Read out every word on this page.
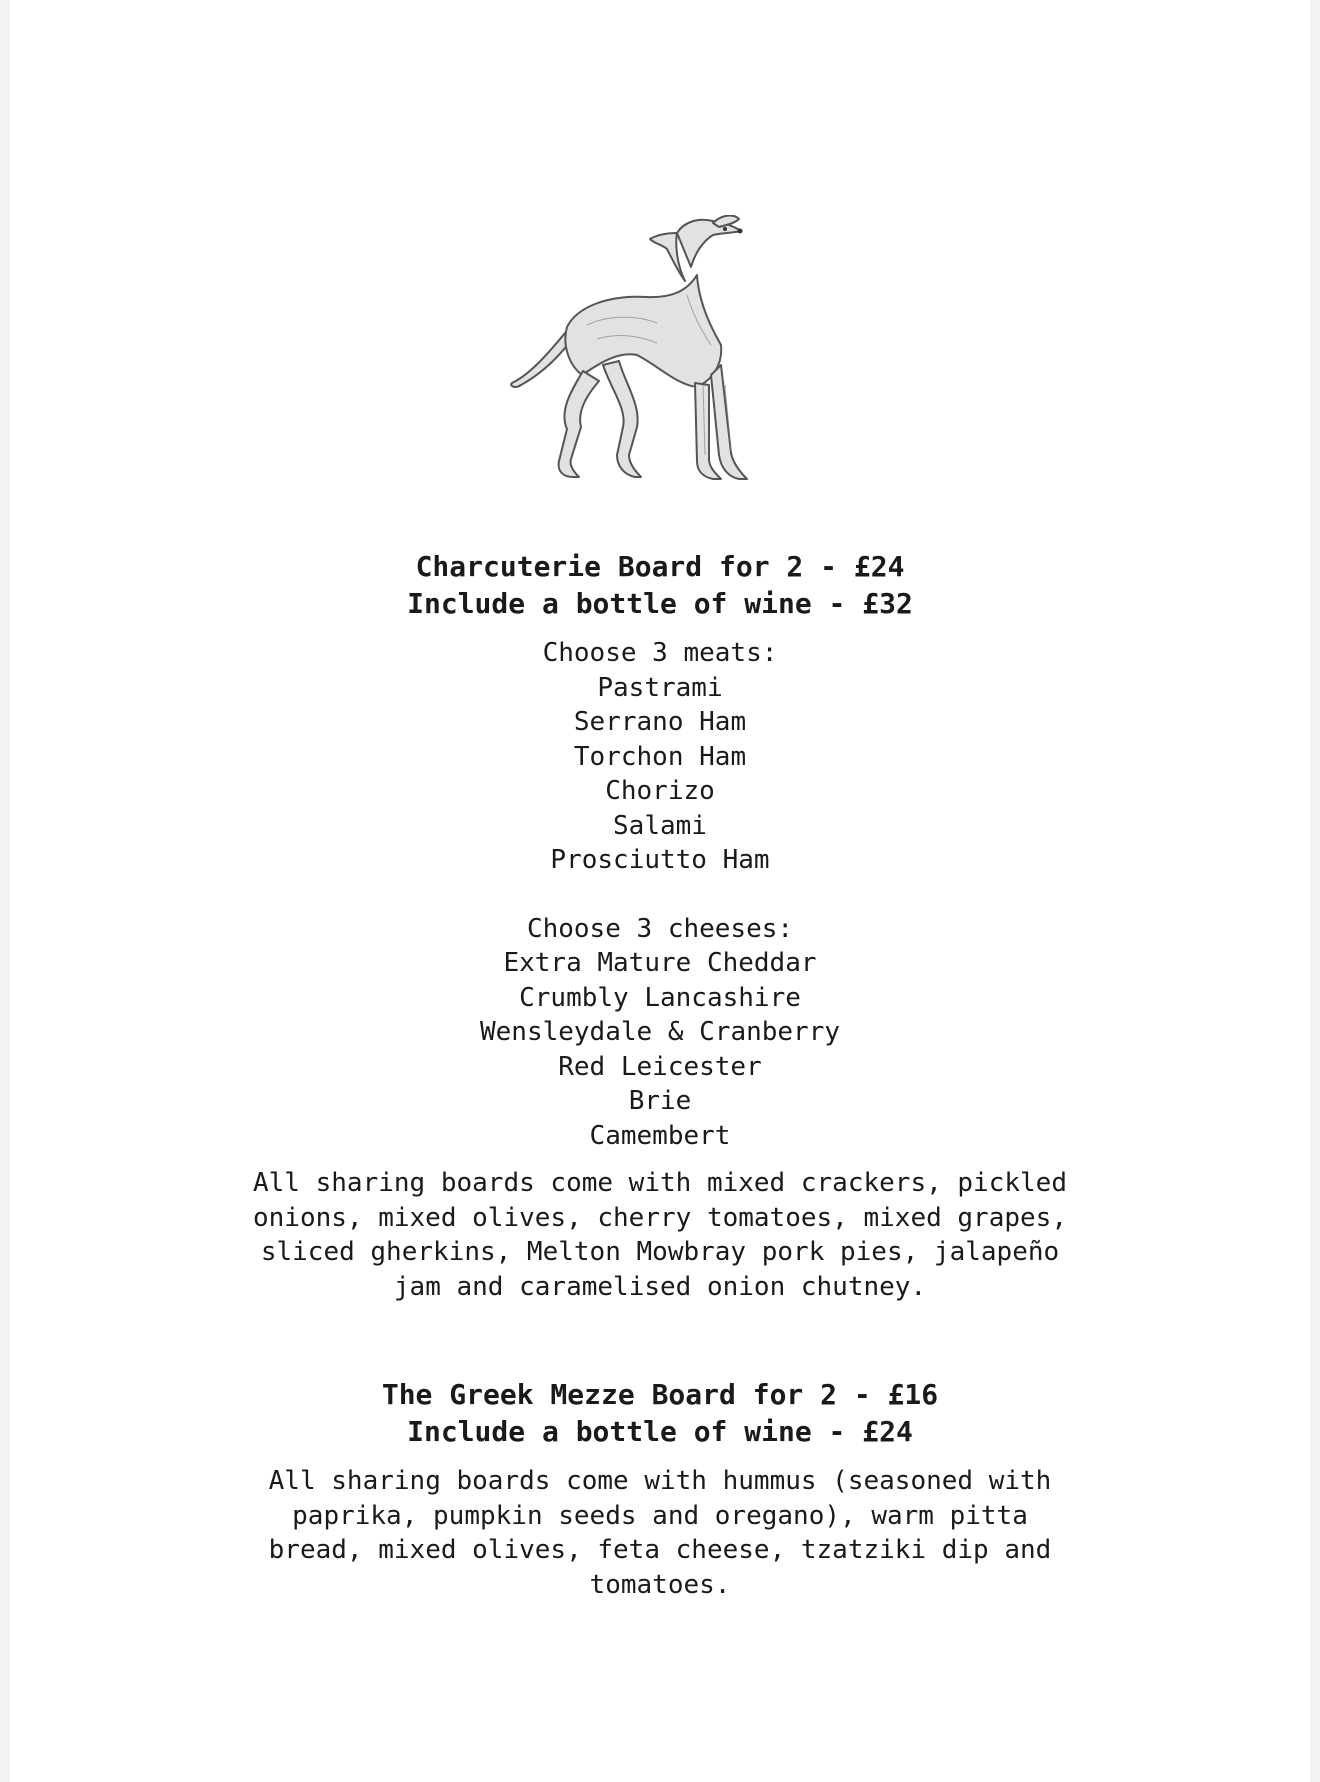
Charcuterie Board for 2 - £24

Include a bottle of wine - £32

Choose 3 meats:
Pastrami
Serrano Ham
Torchon Ham
Chorizo
Salami
Prosciutto Ham
Choose 3 cheeses:
Extra Mature Cheddar
Crumbly Lancashire
Wensleydale & Cranberry
Red Leicester
Brie
Camembert

All sharing boards come with mixed crackers, pickled onions, mixed olives, cherry tomatoes, mixed grapes, sliced gherkins, Melton Mowbray pork pies, jalapeño jam and caramelised onion chutney.

The Greek Mezze Board for 2 - £16

Include a bottle of wine - £24

All sharing boards come with hummus (seasoned with paprika, pumpkin seeds and oregano), warm pitta bread, mixed olives, feta cheese, tzatziki dip and tomatoes.
